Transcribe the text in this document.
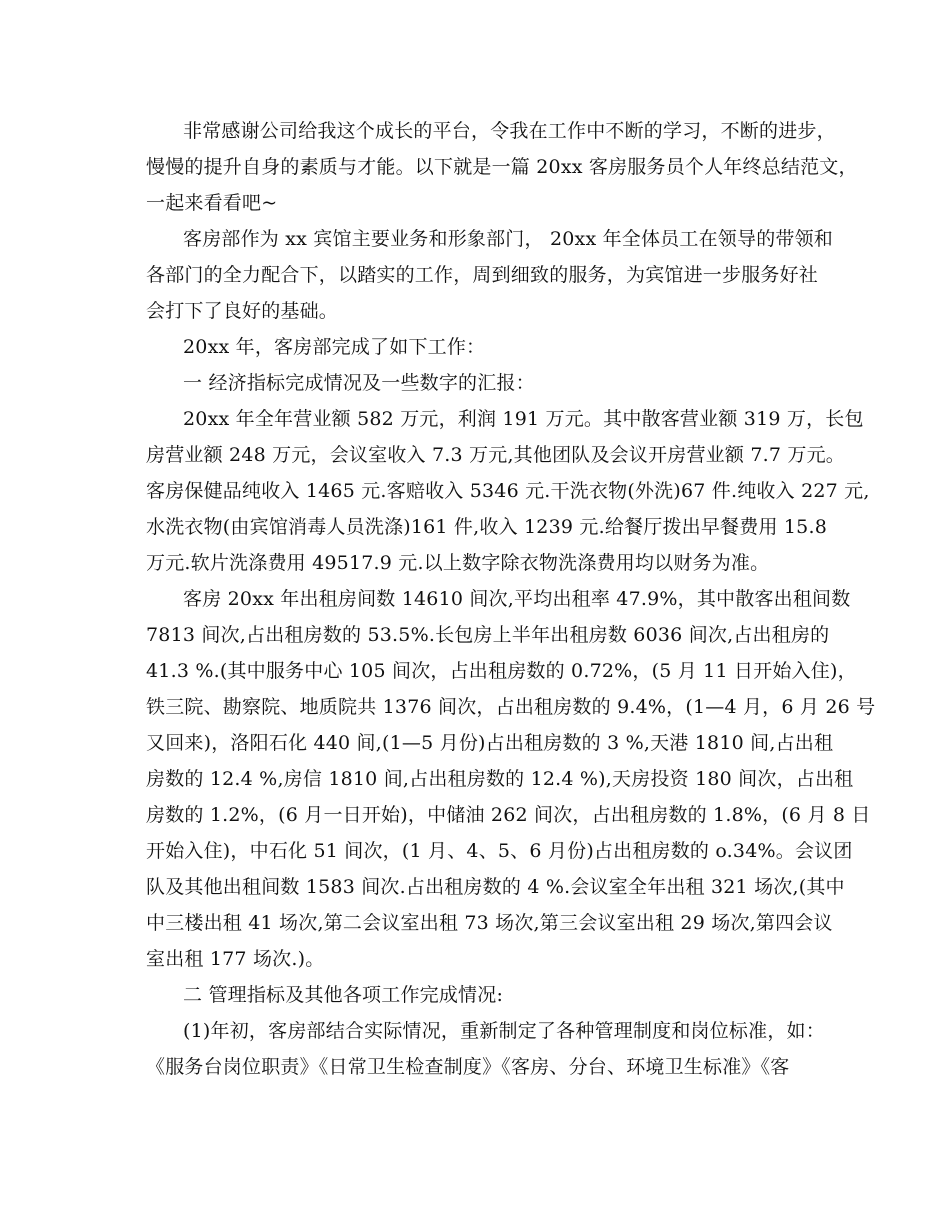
非常感谢公司给我这个成长的平台，令我在工作中不断的学习，不断的进步，
慢慢的提升自身的素质与才能。以下就是一篇 20xx 客房服务员个人年终总结范文，
一起来看看吧~
客房部作为 xx 宾馆主要业务和形象部门， 20xx 年全体员工在领导的带领和
各部门的全力配合下，以踏实的工作，周到细致的服务，为宾馆进一步服务好社
会打下了良好的基础。
20xx 年，客房部完成了如下工作：
一 经济指标完成情况及一些数字的汇报：
20xx 年全年营业额 582 万元，利润 191 万元。其中散客营业额 319 万，长包
房营业额 248 万元，会议室收入 7.3 万元,其他团队及会议开房营业额 7.7 万元。
客房保健品纯收入 1465 元.客赔收入 5346 元.干洗衣物(外洗)67 件.纯收入 227 元,
水洗衣物(由宾馆消毒人员洗涤)161 件,收入 1239 元.给餐厅拨出早餐费用 15.8
万元.软片洗涤费用 49517.9 元.以上数字除衣物洗涤费用均以财务为准。
客房 20xx 年出租房间数 14610 间次,平均出租率 47.9%，其中散客出租间数
7813 间次,占出租房数的 53.5%.长包房上半年出租房数 6036 间次,占出租房的
41.3 %.(其中服务中心 105 间次，占出租房数的 0.72%，(5 月 11 日开始入住)，
铁三院、勘察院、地质院共 1376 间次，占出租房数的 9.4%，(1—4 月，6 月 26 号
又回来)，洛阳石化 440 间,(1—5 月份)占出租房数的 3 %,天港 1810 间,占出租
房数的 12.4 %,房信 1810 间,占出租房数的 12.4 %),天房投资 180 间次，占出租
房数的 1.2%，(6 月一日开始)，中储油 262 间次，占出租房数的 1.8%，(6 月 8 日
开始入住)，中石化 51 间次，(1 月、4、5、6 月份)占出租房数的 o.34%。会议团
队及其他出租间数 1583 间次.占出租房数的 4 %.会议室全年出租 321 场次,(其中
中三楼出租 41 场次,第二会议室出租 73 场次,第三会议室出租 29 场次,第四会议
室出租 177 场次.)。
二 管理指标及其他各项工作完成情况:
(1)年初，客房部结合实际情况，重新制定了各种管理制度和岗位标准，如：
《服务台岗位职责》《日常卫生检查制度》《客房、分台、环境卫生标准》《客
